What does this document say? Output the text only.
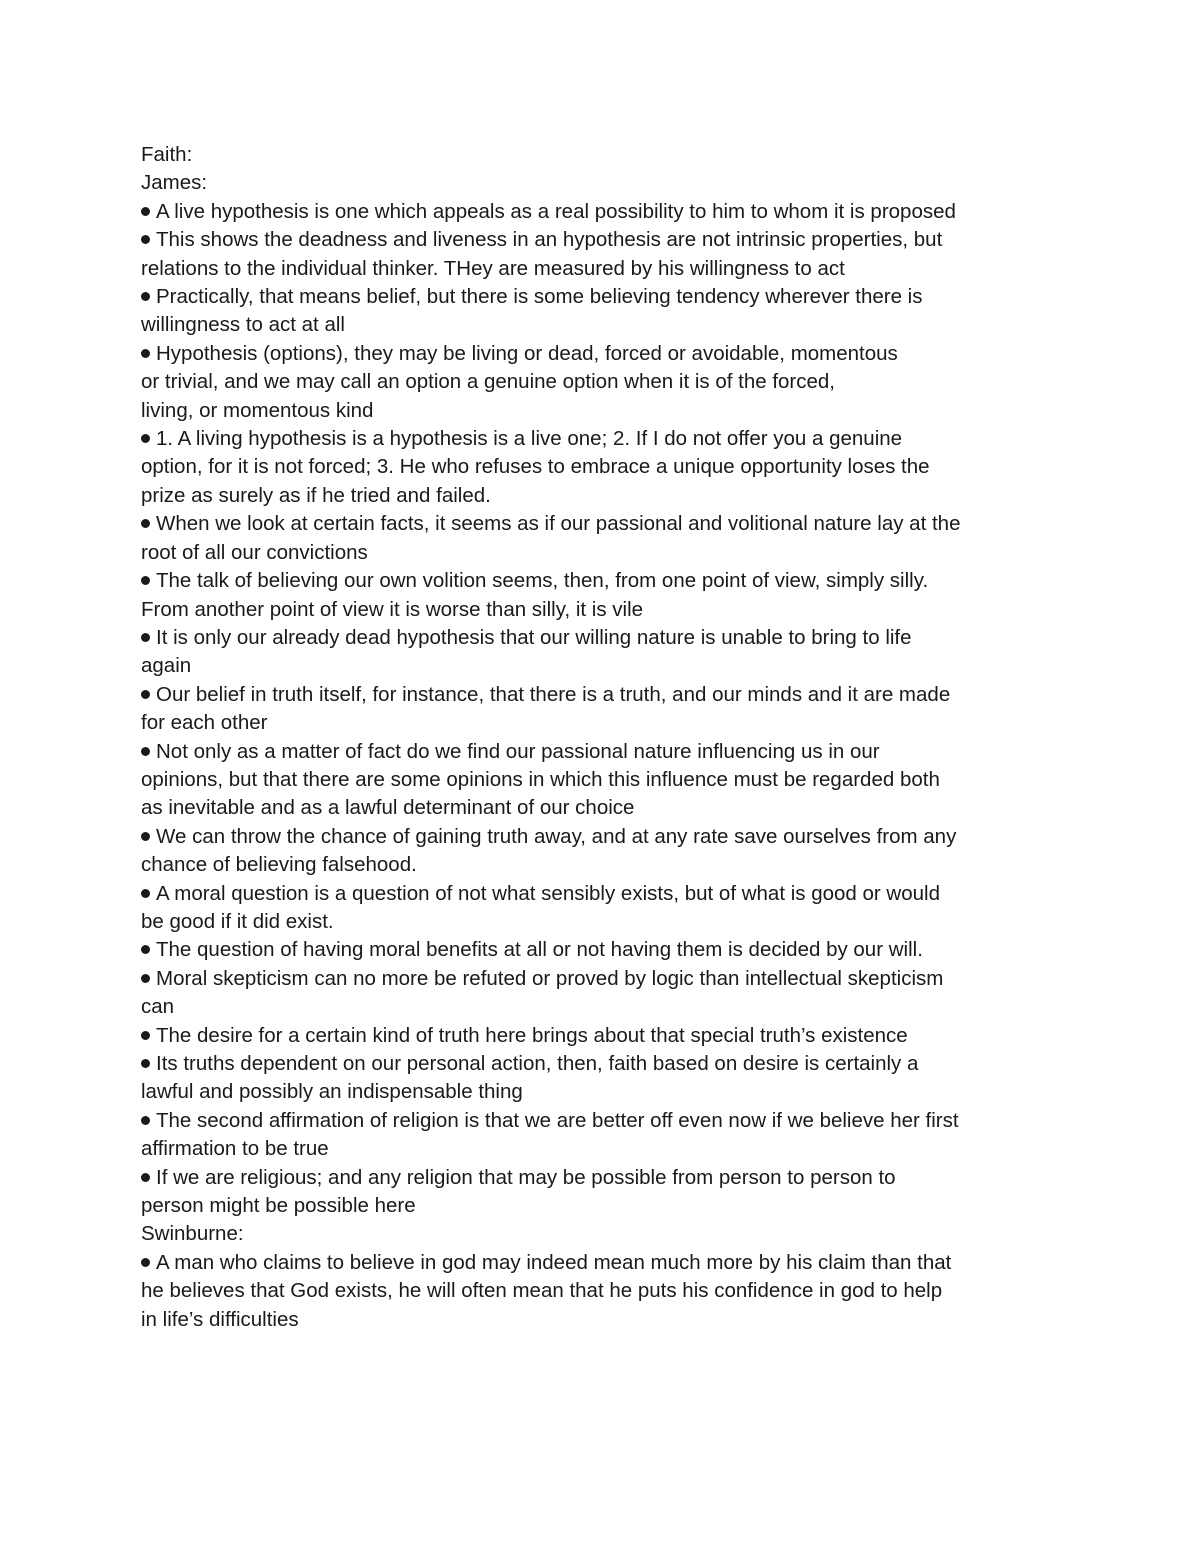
Faith:
James:
A live hypothesis is one which appeals as a real possibility to him to whom it is proposed
This shows the deadness and liveness in an hypothesis are not intrinsic properties, but
relations to the individual thinker. THey are measured by his willingness to act
Practically, that means belief, but there is some believing tendency wherever there is
willingness to act at all
Hypothesis (options), they may be living or dead, forced or avoidable, momentous
or trivial, and we may call an option a genuine option when it is of the forced,
living, or momentous kind
1. A living hypothesis is a hypothesis is a live one; 2. If I do not offer you a genuine
option, for it is not forced; 3. He who refuses to embrace a unique opportunity loses the
prize as surely as if he tried and failed.
When we look at certain facts, it seems as if our passional and volitional nature lay at the
root of all our convictions
The talk of believing our own volition seems, then, from one point of view, simply silly.
From another point of view it is worse than silly, it is vile
It is only our already dead hypothesis that our willing nature is unable to bring to life
again
Our belief in truth itself, for instance, that there is a truth, and our minds and it are made
for each other
Not only as a matter of fact do we find our passional nature influencing us in our
opinions, but that there are some opinions in which this influence must be regarded both
as inevitable and as a lawful determinant of our choice
We can throw the chance of gaining truth away, and at any rate save ourselves from any
chance of believing falsehood.
A moral question is a question of not what sensibly exists, but of what is good or would
be good if it did exist.
The question of having moral benefits at all or not having them is decided by our will.
Moral skepticism can no more be refuted or proved by logic than intellectual skepticism
can
The desire for a certain kind of truth here brings about that special truth’s existence
Its truths dependent on our personal action, then, faith based on desire is certainly a
lawful and possibly an indispensable thing
The second affirmation of religion is that we are better off even now if we believe her first
affirmation to be true
If we are religious; and any religion that may be possible from person to person to
person might be possible here
Swinburne:
A man who claims to believe in god may indeed mean much more by his claim than that
he believes that God exists, he will often mean that he puts his confidence in god to help
in life’s difficulties
